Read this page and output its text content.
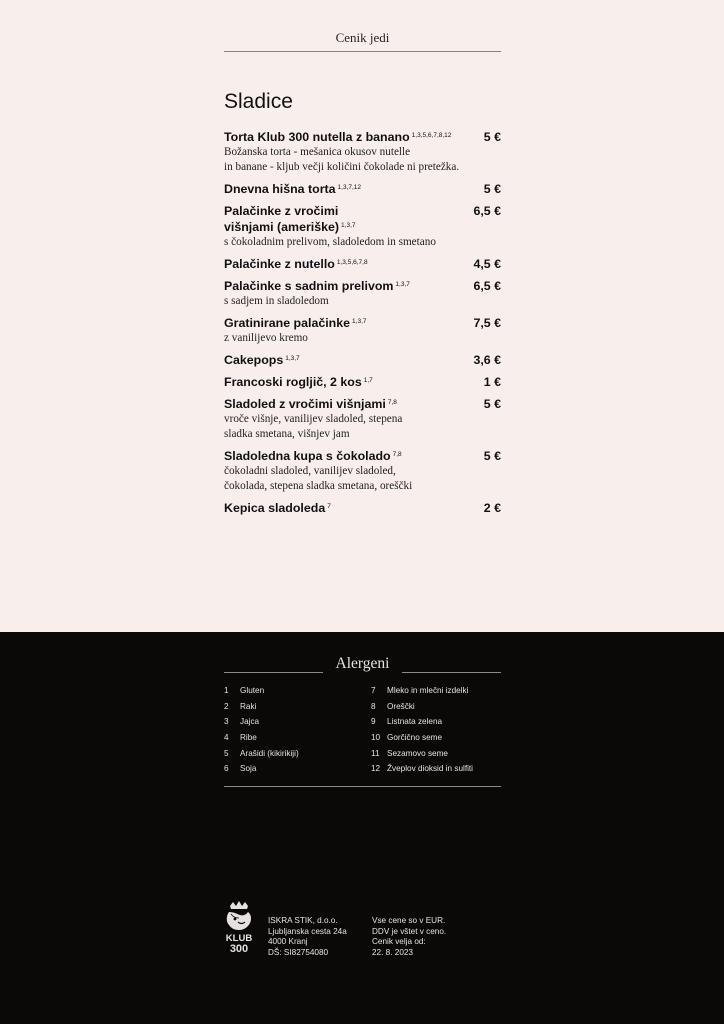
Cenik jedi
Sladice
Torta Klub 300 nutella z banano $^{1,3,5,6,7,8,12}$	5 €
Božanska torta - mešanica okusov nutelle
in banane - kljub večji količini čokolade ni pretežka.
Dnevna hišna torta $^{1,3,7,12}$	5 €
Palačinke z vročimi
višnjami (ameriške) $^{1,3,7}$
6,5 €
s čokoladnim prelivom, sladoledom in smetano
Palačinke z nutello $^{1,3,5,6,7,8}$	4,5 €
Palačinke s sadnim prelivom $^{1,3,7}$	6,5 €
s sadjem in sladoledom
Gratinirane palačinke $^{1,3,7}$	7,5 €
z vanilijevo kremo
Cakepops $^{1,3,7}$	3,6 €
Francoski rogljič, 2 kos $^{1,7}$	1 €
Sladoled z vročimi višnjami $^{7,8}$	5 €
vroče višnje, vanilijev sladoled, stepena
sladka smetana, višnjev jam
Sladoledna kupa s čokolado $^{7,8}$	5 €
čokoladni sladoled, vanilijev sladoled,
čokolada, stepena sladka smetana, oreščki
Kepica sladoleda $^7$	2 €
Alergeni
1	Gluten
2	Raki
3	Jajca
4	Ribe
5	Arašidi (kikirikiji)
6	Soja
7	Mleko in mlečni izdelki
8	Oreščki
9	Listnata zelena
10 Gorčično seme
11 Sezamovo seme
12 Žveplov dioksid in sulfiti
KLUB
300
ISKRA STIK, d.o.o.
Ljubljanska cesta 24a
4000 Kranj
DŠ: SI82754080
Vse cene so v EUR.
DDV je vštet v ceno.
Cenik velja od:
22. 8. 2023
